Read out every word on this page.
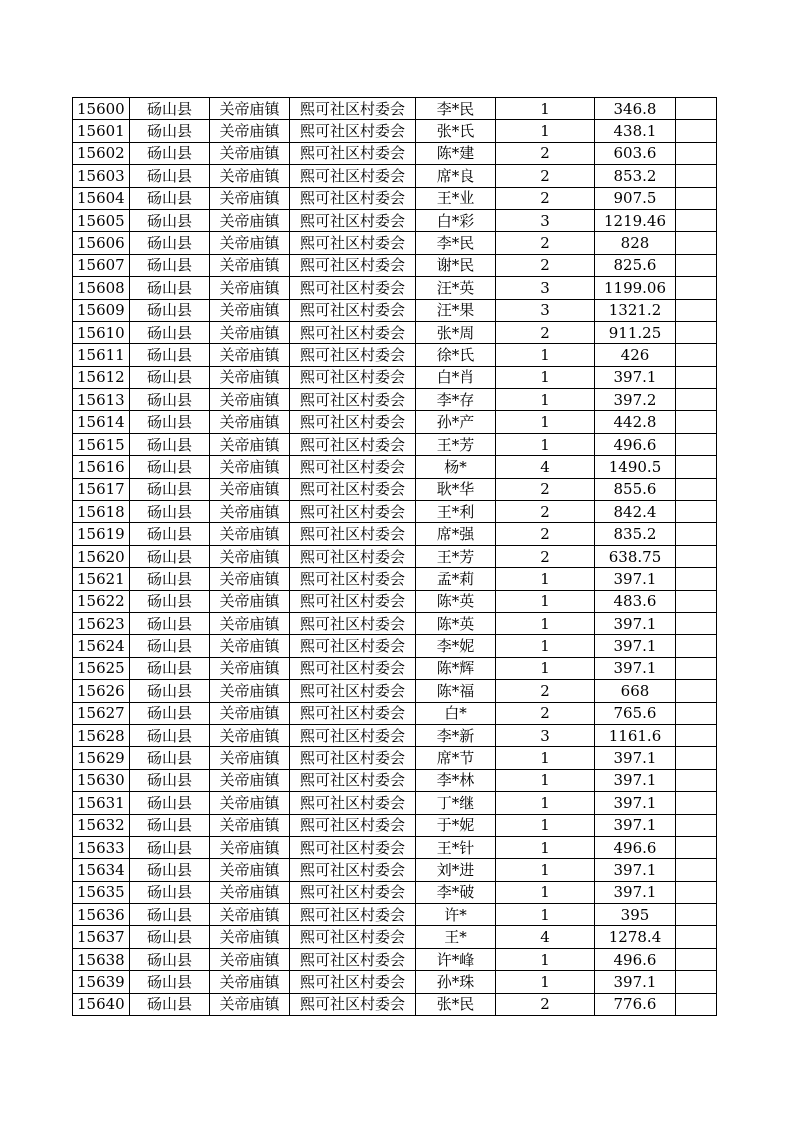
15600	砀山县	关帝庙镇	熙可社区村委会	李*民	1	346.8	
15601	砀山县	关帝庙镇	熙可社区村委会	张*氏	1	438.1	
15602	砀山县	关帝庙镇	熙可社区村委会	陈*建	2	603.6	
15603	砀山县	关帝庙镇	熙可社区村委会	席*良	2	853.2	
15604	砀山县	关帝庙镇	熙可社区村委会	王*业	2	907.5	
15605	砀山县	关帝庙镇	熙可社区村委会	白*彩	3	1219.46	
15606	砀山县	关帝庙镇	熙可社区村委会	李*民	2	828	
15607	砀山县	关帝庙镇	熙可社区村委会	谢*民	2	825.6	
15608	砀山县	关帝庙镇	熙可社区村委会	汪*英	3	1199.06	
15609	砀山县	关帝庙镇	熙可社区村委会	汪*果	3	1321.2	
15610	砀山县	关帝庙镇	熙可社区村委会	张*周	2	911.25	
15611	砀山县	关帝庙镇	熙可社区村委会	徐*氏	1	426	
15612	砀山县	关帝庙镇	熙可社区村委会	白*肖	1	397.1	
15613	砀山县	关帝庙镇	熙可社区村委会	李*存	1	397.2	
15614	砀山县	关帝庙镇	熙可社区村委会	孙*产	1	442.8	
15615	砀山县	关帝庙镇	熙可社区村委会	王*芳	1	496.6	
15616	砀山县	关帝庙镇	熙可社区村委会	杨*	4	1490.5	
15617	砀山县	关帝庙镇	熙可社区村委会	耿*华	2	855.6	
15618	砀山县	关帝庙镇	熙可社区村委会	王*利	2	842.4	
15619	砀山县	关帝庙镇	熙可社区村委会	席*强	2	835.2	
15620	砀山县	关帝庙镇	熙可社区村委会	王*芳	2	638.75	
15621	砀山县	关帝庙镇	熙可社区村委会	孟*莉	1	397.1	
15622	砀山县	关帝庙镇	熙可社区村委会	陈*英	1	483.6	
15623	砀山县	关帝庙镇	熙可社区村委会	陈*英	1	397.1	
15624	砀山县	关帝庙镇	熙可社区村委会	李*妮	1	397.1	
15625	砀山县	关帝庙镇	熙可社区村委会	陈*辉	1	397.1	
15626	砀山县	关帝庙镇	熙可社区村委会	陈*福	2	668	
15627	砀山县	关帝庙镇	熙可社区村委会	白*	2	765.6	
15628	砀山县	关帝庙镇	熙可社区村委会	李*新	3	1161.6	
15629	砀山县	关帝庙镇	熙可社区村委会	席*节	1	397.1	
15630	砀山县	关帝庙镇	熙可社区村委会	李*林	1	397.1	
15631	砀山县	关帝庙镇	熙可社区村委会	丁*继	1	397.1	
15632	砀山县	关帝庙镇	熙可社区村委会	于*妮	1	397.1	
15633	砀山县	关帝庙镇	熙可社区村委会	王*针	1	496.6	
15634	砀山县	关帝庙镇	熙可社区村委会	刘*进	1	397.1	
15635	砀山县	关帝庙镇	熙可社区村委会	李*破	1	397.1	
15636	砀山县	关帝庙镇	熙可社区村委会	许*	1	395	
15637	砀山县	关帝庙镇	熙可社区村委会	王*	4	1278.4	
15638	砀山县	关帝庙镇	熙可社区村委会	许*峰	1	496.6	
15639	砀山县	关帝庙镇	熙可社区村委会	孙*珠	1	397.1	
15640	砀山县	关帝庙镇	熙可社区村委会	张*民	2	776.6	
